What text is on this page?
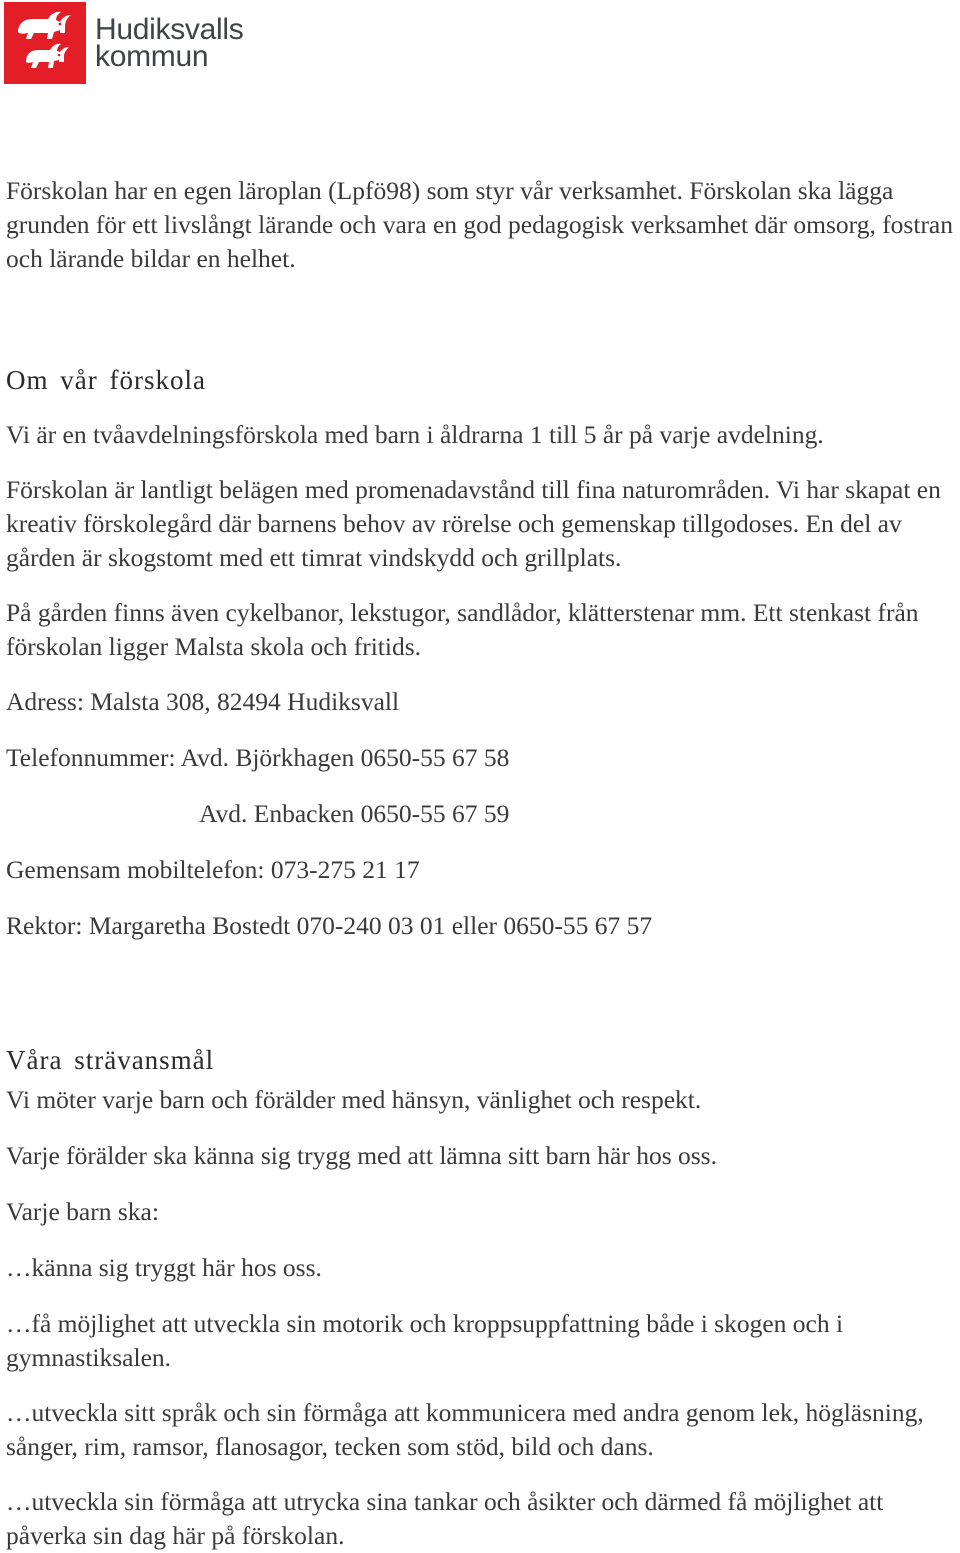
Hudiksvalls
kommun

Förskolan har en egen läroplan (Lpfö98) som styr vår verksamhet. Förskolan ska lägga grunden för ett livslångt lärande och vara en god pedagogisk verksamhet där omsorg, fostran och lärande bildar en helhet.

Om vår förskola

Vi är en tvåavdelningsförskola med barn i åldrarna 1 till 5 år på varje avdelning.

Förskolan är lantligt belägen med promenadavstånd till fina naturområden. Vi har skapat en kreativ förskolegård där barnens behov av rörelse och gemenskap tillgodoses. En del av gården är skogstomt med ett timrat vindskydd och grillplats.

På gården finns även cykelbanor, lekstugor, sandlådor, klätterstenar mm. Ett stenkast från förskolan ligger Malsta skola och fritids.

Adress: Malsta 308, 82494 Hudiksvall

Telefonnummer: Avd. Björkhagen 0650-55 67 58

Avd. Enbacken 0650-55 67 59

Gemensam mobiltelefon: 073-275 21 17

Rektor: Margaretha Bostedt 070-240 03 01 eller 0650-55 67 57

Våra strävansmål

Vi möter varje barn och förälder med hänsyn, vänlighet och respekt.

Varje förälder ska känna sig trygg med att lämna sitt barn här hos oss.

Varje barn ska:

…känna sig tryggt här hos oss.

…få möjlighet att utveckla sin motorik och kroppsuppfattning både i skogen och i gymnastiksalen.

…utveckla sitt språk och sin förmåga att kommunicera med andra genom lek, högläsning, sånger, rim, ramsor, flanosagor, tecken som stöd, bild och dans.

…utveckla sin förmåga att utrycka sina tankar och åsikter och därmed få möjlighet att påverka sin dag här på förskolan.
